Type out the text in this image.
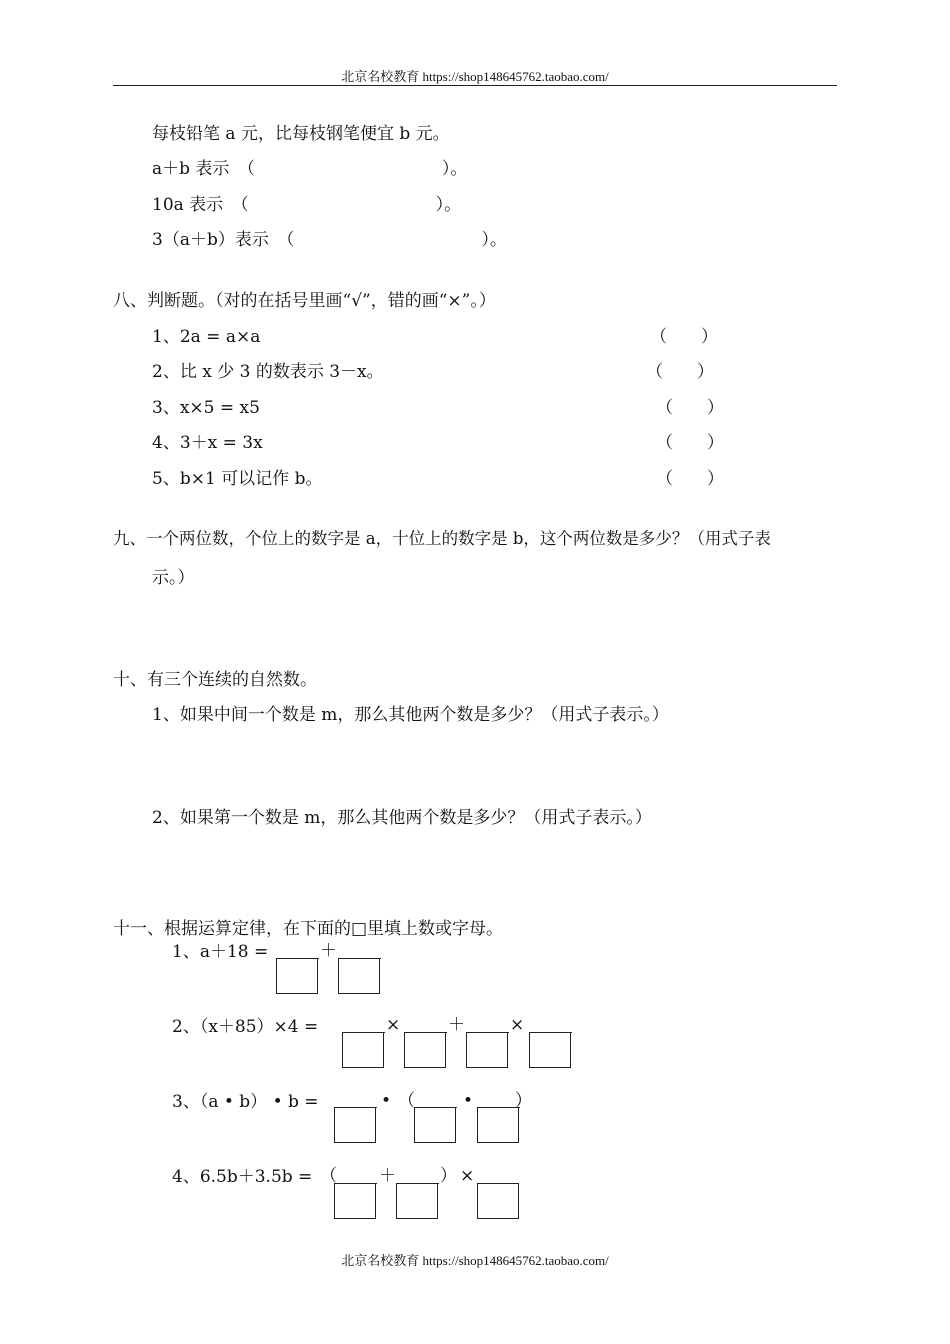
北京名校教育 https://shop148645762.taobao.com/
每枝铅笔 a 元，比每枝钢笔便宜 b 元。
a＋b 表示　（　　　　　　　　　　　）。
10a 表示　（　　　　　　　　　　　）。
3（a＋b）表示　（　　　　　　　　　　　）。
八、判断题。（对的在括号里画“√”，错的画“×”。）
1、2a = a×a	（　　）
2、比 x 少 3 的数表示 3－x。	（　　）
3、x×5 = x5	（　　）
4、3＋x = 3x	（　　）
5、b×1 可以记作 b。	（　　）
九、一个两位数，个位上的数字是 a，十位上的数字是 b，这个两位数是多少？（用式子表
示。）
十、有三个连续的自然数。
1、如果中间一个数是 m，那么其他两个数是多少？（用式子表示。）
2、如果第一个数是 m，那么其他两个数是多少？（用式子表示。）
十一、根据运算定律，在下面的□里填上数或字母。
1、a＋18 =	＋
2、（x＋85）×4 =	×	＋	×
3、（a • b） • b =	• （	• ）
4、6.5b＋3.5b = （ ＋	） ×
北京名校教育 https://shop148645762.taobao.com/
